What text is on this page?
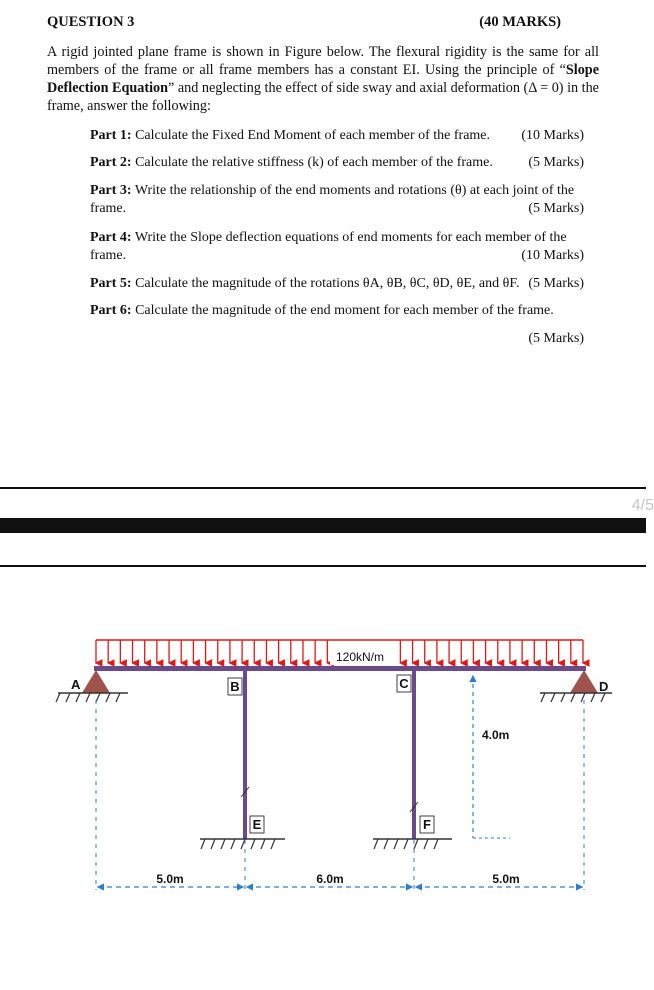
QUESTION 3	(40 MARKS)
A rigid jointed plane frame is shown in Figure below. The flexural rigidity is the same for all members of the frame or all frame members has a constant EI. Using the principle of “Slope Deflection Equation” and neglecting the effect of side sway and axial deformation (Δ = 0) in the frame, answer the following:
Part 1: Calculate the Fixed End Moment of each member of the frame. (10 Marks)
Part 2: Calculate the relative stiffness (k) of each member of the frame.	(5 Marks)
Part 3: Write the relationship of the end moments and rotations (θ) at each joint of the frame.	(5 Marks)
Part 4: Write the Slope deflection equations of end moments for each member of the frame.	(10 Marks)
Part 5: Calculate the magnitude of the rotations θA, θB, θC, θD, θE, and θF. (5 Marks)
Part 6: Calculate the magnitude of the end moment for each member of the frame.
(5 Marks)
4/5
120kN/m
A	B	C	D
E	F
4.0m
5.0m	6.0m	5.0m
